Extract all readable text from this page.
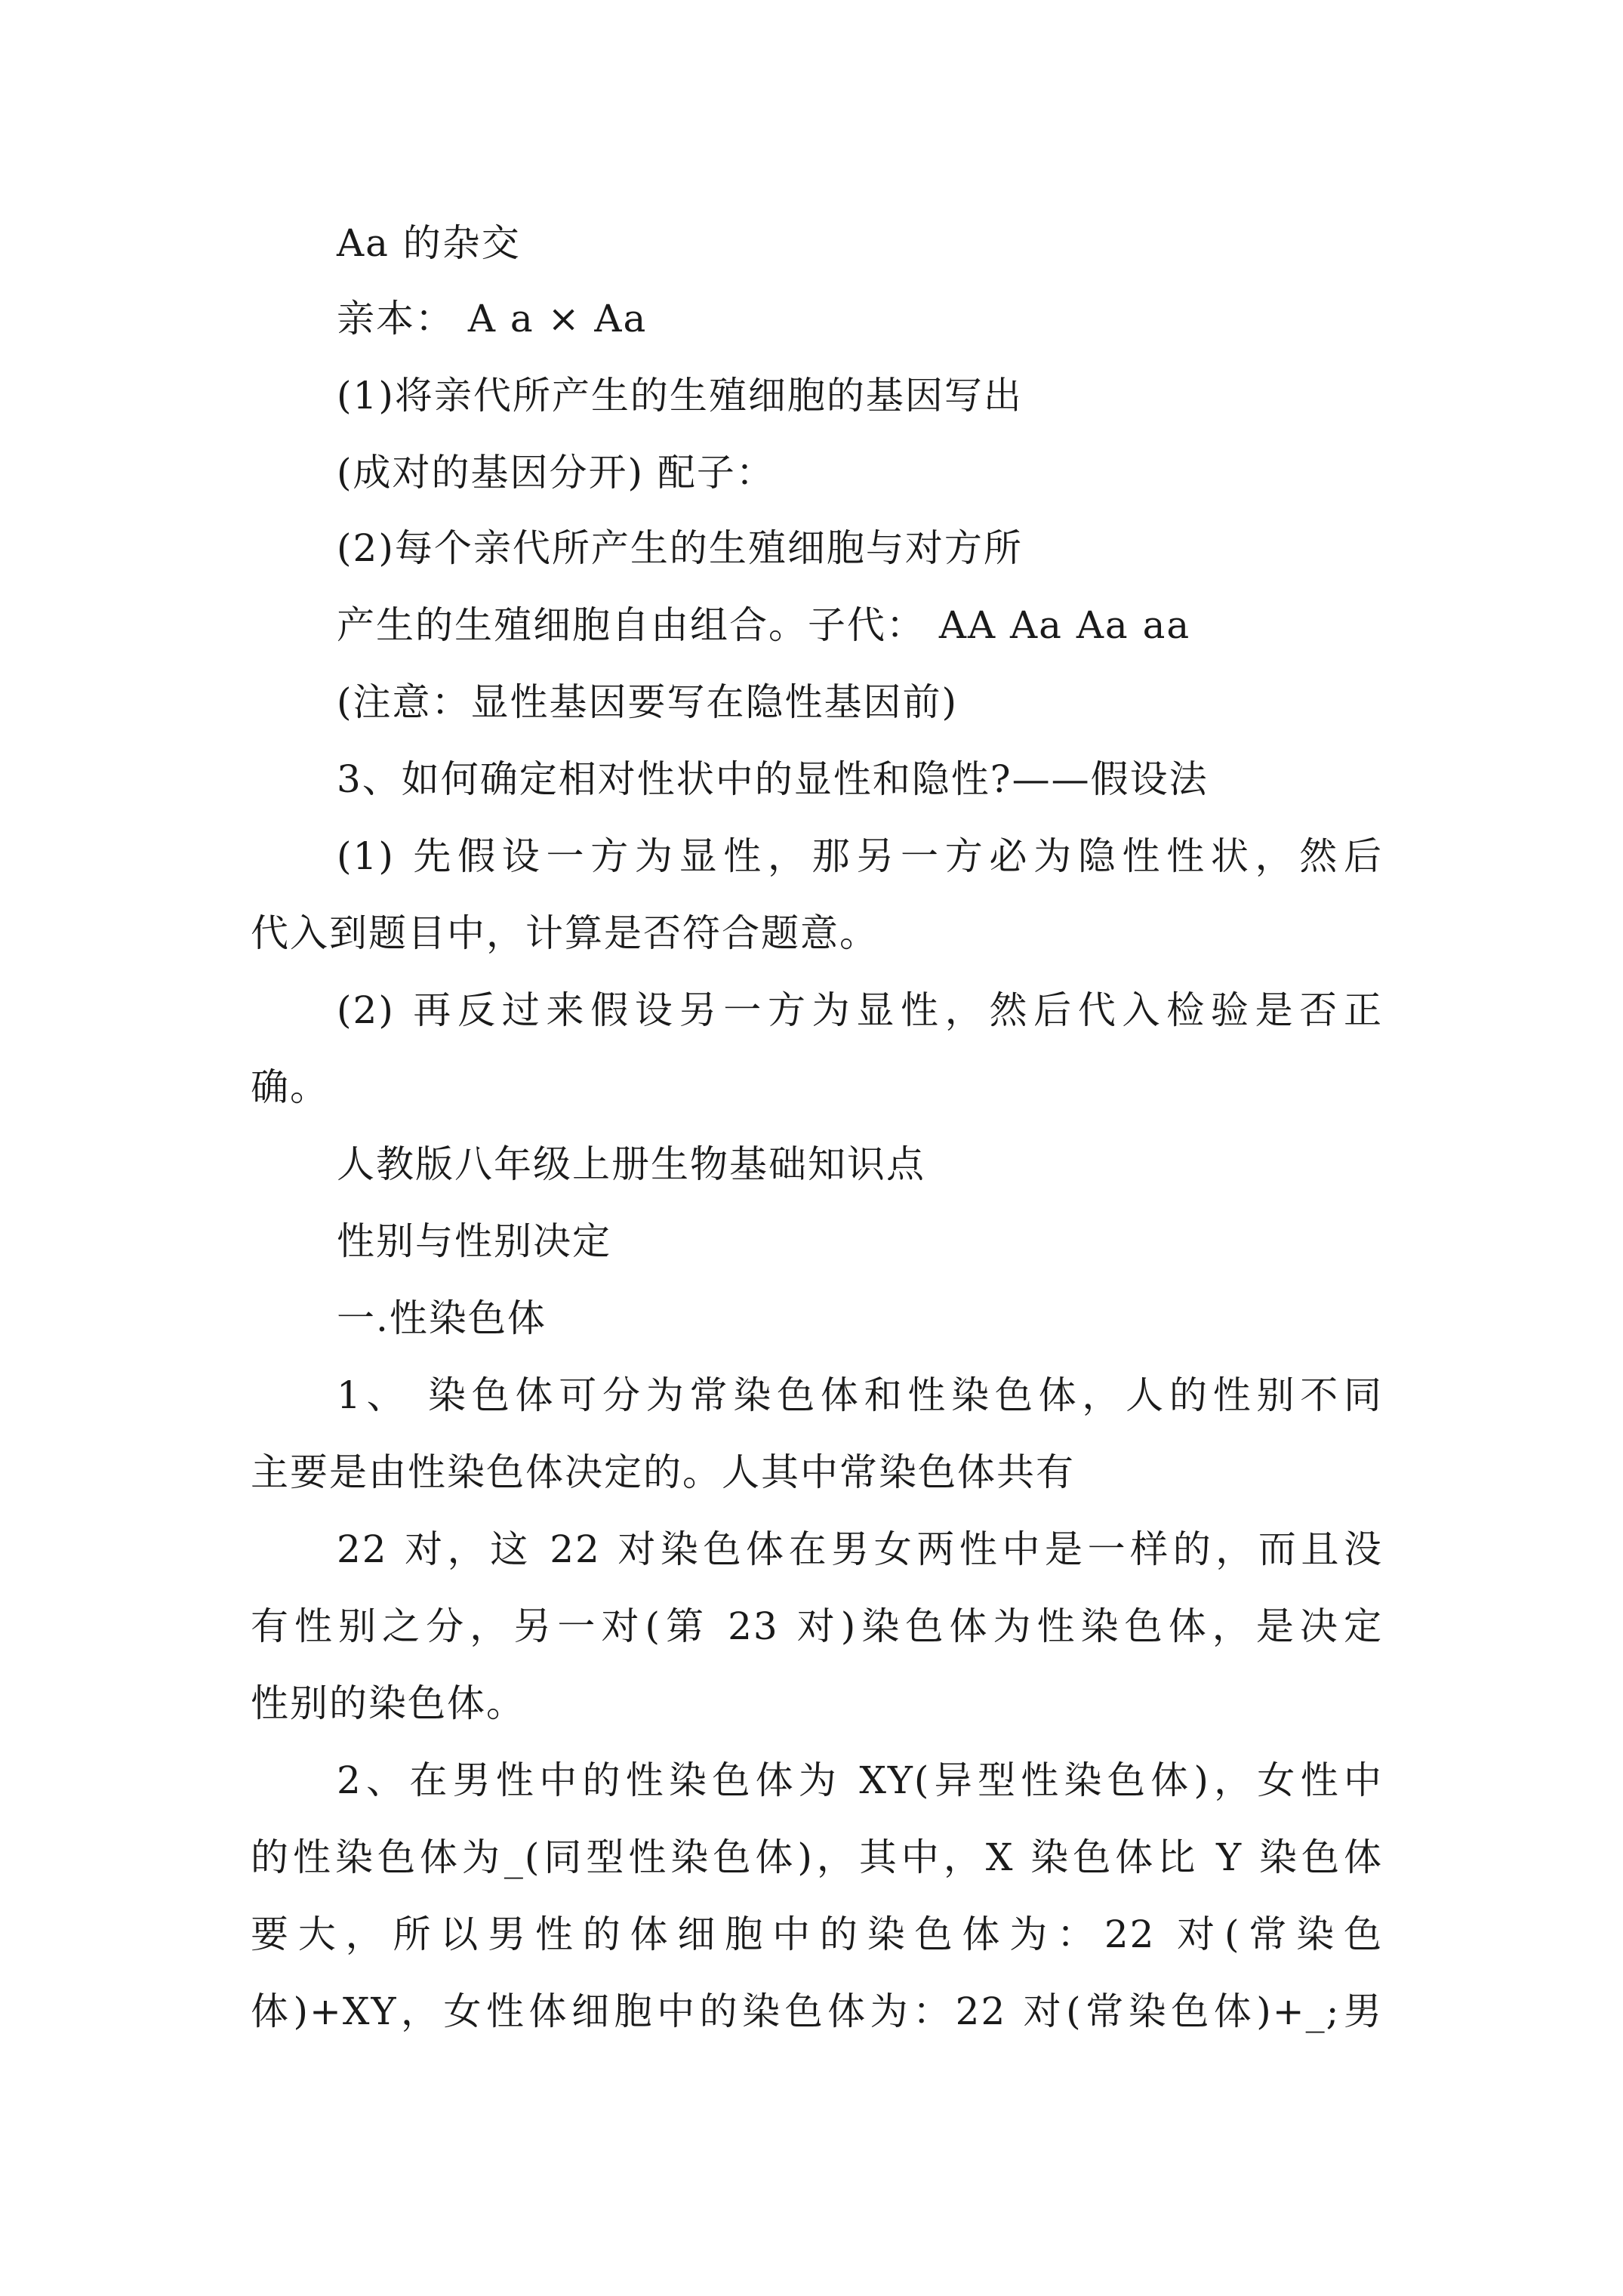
Aa 的杂交
亲本： A a × Aa
(1)将亲代所产生的生殖细胞的基因写出
(成对的基因分开) 配子：
(2)每个亲代所产生的生殖细胞与对方所
产生的生殖细胞自由组合。子代： AA Aa Aa aa
(注意：显性基因要写在隐性基因前)
3、如何确定相对性状中的显性和隐性?——假设法
(1) 先假设一方为显性，那另一方必为隐性性状，然后
代入到题目中，计算是否符合题意。
(2) 再反过来假设另一方为显性，然后代入检验是否正
确。
人教版八年级上册生物基础知识点
性别与性别决定
一.性染色体
1、 染色体可分为常染色体和性染色体，人的性别不同
主要是由性染色体决定的。人其中常染色体共有
22 对，这 22 对染色体在男女两性中是一样的，而且没
有性别之分，另一对(第 23 对)染色体为性染色体，是决定
性别的染色体。
2、在男性中的性染色体为 XY(异型性染色体)，女性中
的性染色体为_(同型性染色体)，其中，X 染色体比 Y 染色体
要大，所以男性的体细胞中的染色体为：22 对(常染色
体)+XY，女性体细胞中的染色体为：22 对(常染色体)+_;男
